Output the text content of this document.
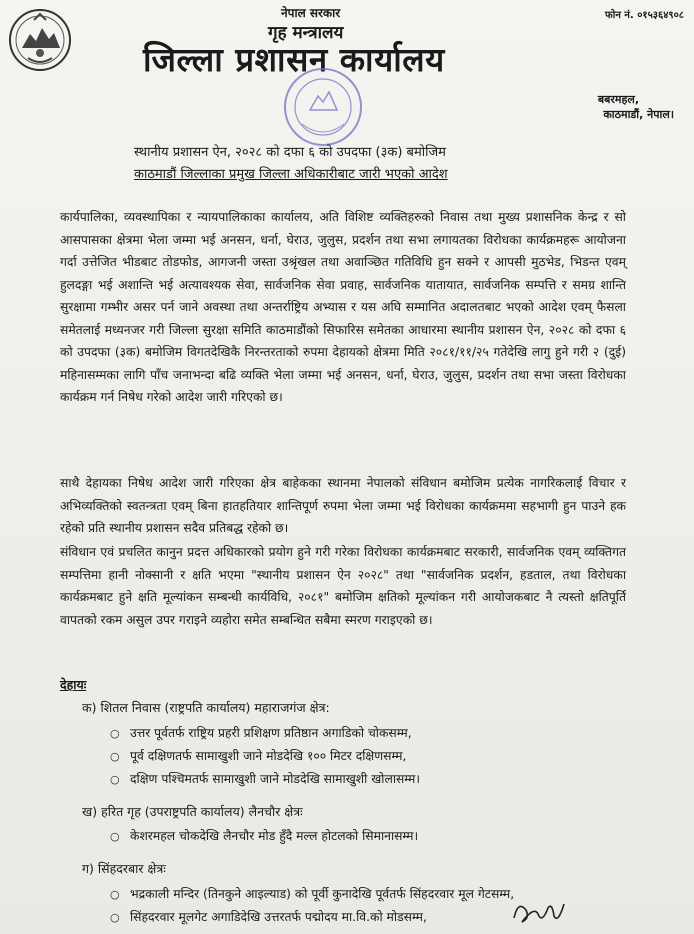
नेपाल सरकार
गृह मन्त्रालय
जिल्ला प्रशासन कार्यालय
फोन नं. ०१५३६४९०८
बबरमहल,
काठमाडौं, नेपाल।
स्थानीय प्रशासन ऐन, २०२८ को दफा ६ को उपदफा (३क) बमोजिम
काठमाडौं जिल्लाका प्रमुख जिल्ला अधिकारीबाट जारी भएको आदेश

कार्यपालिका, व्यवस्थापिका र न्यायपालिकाका कार्यालय, अति विशिष्ट व्यक्तिहरुको निवास तथा मुख्य प्रशासनिक केन्द्र र सो आसपासका क्षेत्रमा भेला जम्मा भई अनसन, धर्ना, घेराउ, जुलुस, प्रदर्शन तथा सभा लगायतका विरोधका कार्यक्रमहरू आयोजना गर्दा उत्तेजित भीडबाट तोडफोड, आगजनी जस्ता उश्रृंखल तथा अवाञ्छित गतिविधि हुन सक्ने र आपसी मुठभेड, भिडन्त एवम् हुलदङ्गा भई अशान्ति भई अत्यावश्यक सेवा, सार्वजनिक सेवा प्रवाह, सार्वजनिक यातायात, सार्वजनिक सम्पत्ति र समग्र शान्ति सुरक्षामा गम्भीर असर पर्न जाने अवस्था तथा अन्तर्राष्ट्रिय अभ्यास र यस अघि सम्मानित अदालतबाट भएको आदेश एवम् फैसला समेतलाई मध्यनजर गरी जिल्ला सुरक्षा समिति काठमाडौंको सिफारिस समेतका आधारमा स्थानीय प्रशासन ऐन, २०२८ को दफा ६ को उपदफा (३क) बमोजिम विगतदेखिकै निरन्तरताको रुपमा देहायको क्षेत्रमा मिति २०८१/११/२५ गतेदेखि लागु हुने गरी २ (दुई) महिनासम्मका लागि पाँच जनाभन्दा बढि व्यक्ति भेला जम्मा भई अनसन, धर्ना, घेराउ, जुलुस, प्रदर्शन तथा सभा जस्ता विरोधका कार्यक्रम गर्न निषेध गरेको आदेश जारी गरिएको छ।

साथै देहायका निषेध आदेश जारी गरिएका क्षेत्र बाहेकका स्थानमा नेपालको संविधान बमोजिम प्रत्येक नागरिकलाई विचार र अभिव्यक्तिको स्वतन्त्रता एवम् बिना हातहतियार शान्तिपूर्ण रुपमा भेला जम्मा भई विरोधका कार्यक्रममा सहभागी हुन पाउने हक रहेको प्रति स्थानीय प्रशासन सदैव प्रतिबद्ध रहेको छ।

संविधान एवं प्रचलित कानुन प्रदत्त अधिकारको प्रयोग हुने गरी गरेका विरोधका कार्यक्रमबाट सरकारी, सार्वजनिक एवम् व्यक्तिगत सम्पत्तिमा हानी नोक्सानी र क्षति भएमा "स्थानीय प्रशासन ऐन २०२८" तथा "सार्वजनिक प्रदर्शन, हडताल, तथा विरोधका कार्यक्रमबाट हुने क्षति मूल्यांकन सम्बन्धी कार्यविधि, २०८१" बमोजिम क्षतिको मूल्यांकन गरी आयोजकबाट नै त्यस्तो क्षतिपूर्ति वापतको रकम असुल उपर गराइने व्यहोरा समेत सम्बन्धित सबैमा स्मरण गराइएको छ।

देहायः
क) शितल निवास (राष्ट्रपति कार्यालय) महाराजगंज क्षेत्र:
○ उत्तर पूर्वतर्फ राष्ट्रिय प्रहरी प्रशिक्षण प्रतिष्ठान अगाडिको चोकसम्म,
○ पूर्व दक्षिणतर्फ सामाखुशी जाने मोडदेखि १०० मिटर दक्षिणसम्म,
○ दक्षिण पश्चिमतर्फ सामाखुशी जाने मोडदेखि सामाखुशी खोलासम्म।
ख) हरित गृह (उपराष्ट्रपति कार्यालय) लैनचौर क्षेत्रः
○ केशरमहल चोकदेखि लैनचौर मोड हुँदै मल्ल होटलको सिमानासम्म।
ग) सिंहदरबार क्षेत्रः
○ भद्रकाली मन्दिर (तिनकुने आइल्याड) को पूर्वी कुनादेखि पूर्वतर्फ सिंहदरवार मूल गेटसम्म,
○ सिंहदरवार मूलगेट अगाडिदेखि उत्तरतर्फ पद्मोदय मा.वि.को मोडसम्म,
